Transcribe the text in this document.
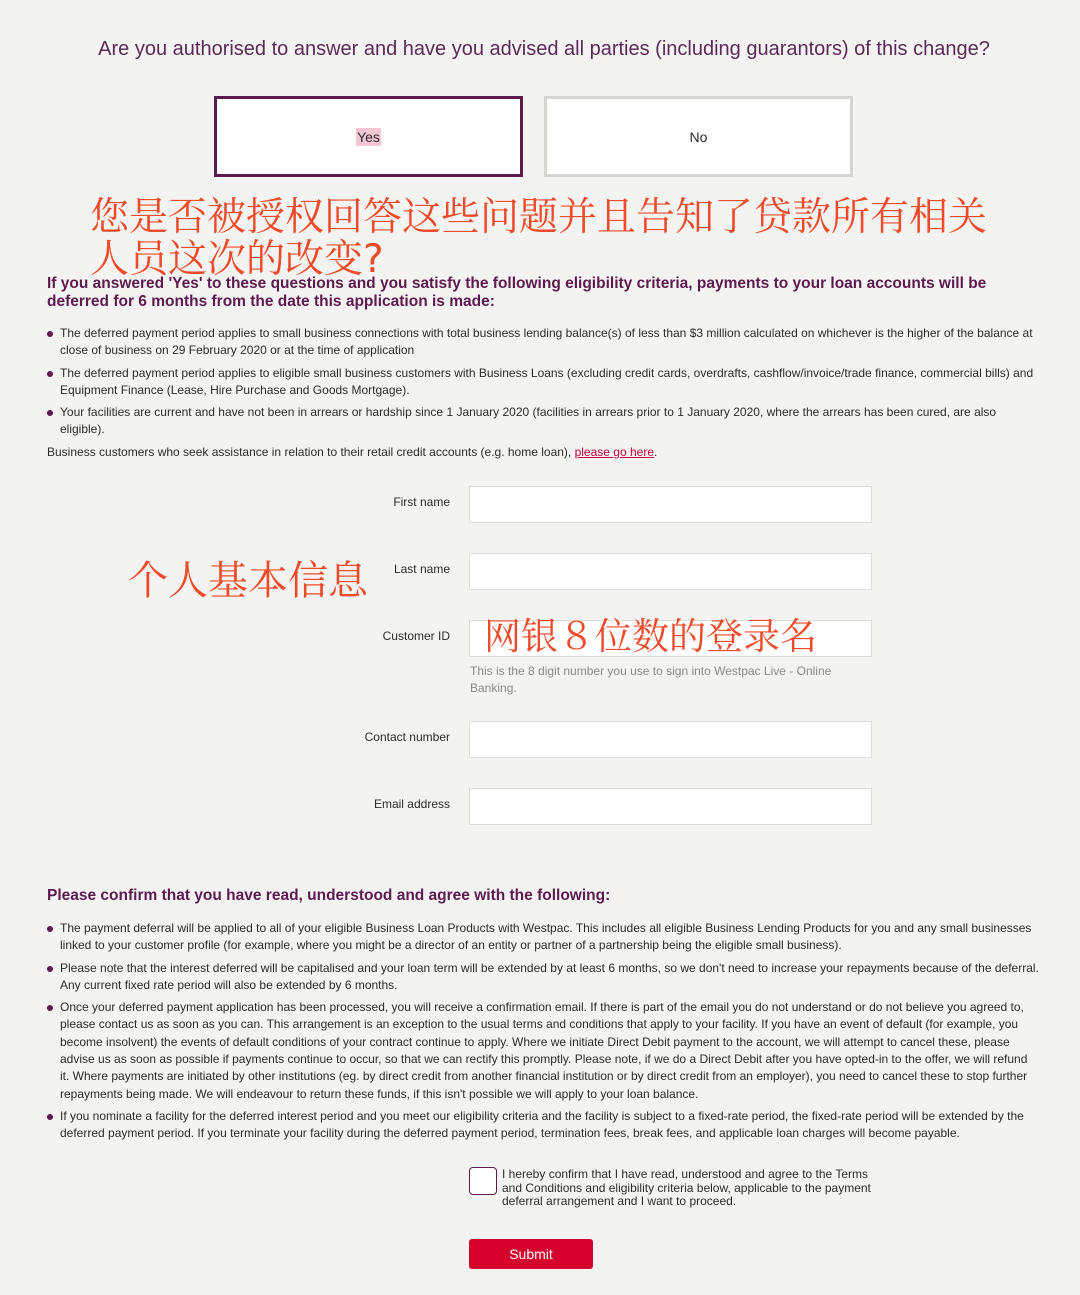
Are you authorised to answer and have you advised all parties (including guarantors) of this change?
Yes	No
If you answered 'Yes' to these questions and you satisfy the following eligibility criteria, payments to your loan accounts will be deferred for 6 months from the date this application is made:
The deferred payment period applies to small business connections with total business lending balance(s) of less than $3 million calculated on whichever is the higher of the balance at close of business on 29 February 2020 or at the time of application
The deferred payment period applies to eligible small business customers with Business Loans (excluding credit cards, overdrafts, cashflow/invoice/trade finance, commercial bills) and Equipment Finance (Lease, Hire Purchase and Goods Mortgage).
Your facilities are current and have not been in arrears or hardship since 1 January 2020 (facilities in arrears prior to 1 January 2020, where the arrears has been cured, are also eligible).
Business customers who seek assistance in relation to their retail credit accounts (e.g. home loan), please go here.
First name
Last name
Customer ID
This is the 8 digit number you use to sign into Westpac Live - Online Banking.
Contact number
Email address
Please confirm that you have read, understood and agree with the following:
The payment deferral will be applied to all of your eligible Business Loan Products with Westpac. This includes all eligible Business Lending Products for you and any small businesses linked to your customer profile (for example, where you might be a director of an entity or partner of a partnership being the eligible small business).
Please note that the interest deferred will be capitalised and your loan term will be extended by at least 6 months, so we don't need to increase your repayments because of the deferral. Any current fixed rate period will also be extended by 6 months.
Once your deferred payment application has been processed, you will receive a confirmation email. If there is part of the email you do not understand or do not believe you agreed to, please contact us as soon as you can. This arrangement is an exception to the usual terms and conditions that apply to your facility. If you have an event of default (for example, you become insolvent) the events of default conditions of your contract continue to apply. Where we initiate Direct Debit payment to the account, we will attempt to cancel these, please advise us as soon as possible if payments continue to occur, so that we can rectify this promptly. Please note, if we do a Direct Debit after you have opted-in to the offer, we will refund it. Where payments are initiated by other institutions (eg. by direct credit from another financial institution or by direct credit from an employer), you need to cancel these to stop further repayments being made. We will endeavour to return these funds, if this isn't possible we will apply to your loan balance.
If you nominate a facility for the deferred interest period and you meet our eligibility criteria and the facility is subject to a fixed-rate period, the fixed-rate period will be extended by the deferred payment period. If you terminate your facility during the deferred payment period, termination fees, break fees, and applicable loan charges will become payable.
I hereby confirm that I have read, understood and agree to the Terms and Conditions and eligibility criteria below, applicable to the payment deferral arrangement and I want to proceed.
Submit
您是否被授权回答这些问题并且告知了贷款所有相关人员这次的改变?
个人基本信息
网银８位数的登录名
